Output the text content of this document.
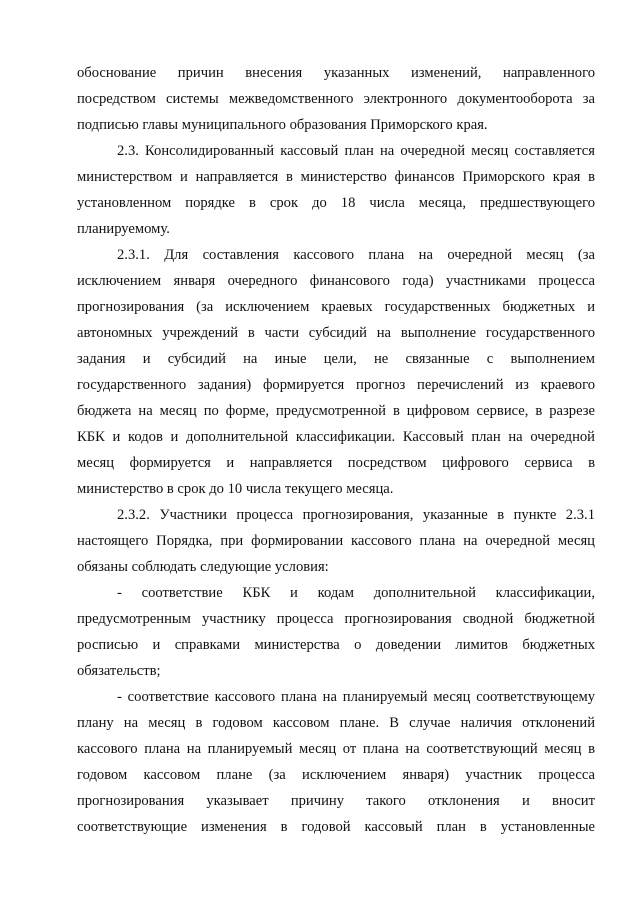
обоснование причин внесения указанных изменений, направленного
посредством системы межведомственного электронного документооборота за
подписью главы муниципального образования Приморского края.
2.3. Консолидированный кассовый план на очередной месяц составляется
министерством и направляется в министерство финансов Приморского края в
установленном порядке в срок до 18 числа месяца, предшествующего
планируемому.
2.3.1. Для составления кассового плана на очередной месяц (за
исключением января очередного финансового года) участниками процесса
прогнозирования (за исключением краевых государственных бюджетных и
автономных учреждений в части субсидий на выполнение государственного
задания и субсидий на иные цели, не связанные с выполнением
государственного задания) формируется прогноз перечислений из краевого
бюджета на месяц по форме, предусмотренной в цифровом сервисе, в разрезе
КБК и кодов и дополнительной классификации. Кассовый план на очередной
месяц формируется и направляется посредством цифрового сервиса в
министерство в срок до 10 числа текущего месяца.
2.3.2. Участники процесса прогнозирования, указанные в пункте 2.3.1
настоящего Порядка, при формировании кассового плана на очередной месяц
обязаны соблюдать следующие условия:
- соответствие КБК и кодам дополнительной классификации,
предусмотренным участнику процесса прогнозирования сводной бюджетной
росписью и справками министерства о доведении лимитов бюджетных
обязательств;
- соответствие кассового плана на планируемый месяц соответствующему
плану на месяц в годовом кассовом плане. В случае наличия отклонений
кассового плана на планируемый месяц от плана на соответствующий месяц в
годовом кассовом плане (за исключением января) участник процесса
прогнозирования указывает причину такого отклонения и вносит
соответствующие изменения в годовой кассовый план в установленные
